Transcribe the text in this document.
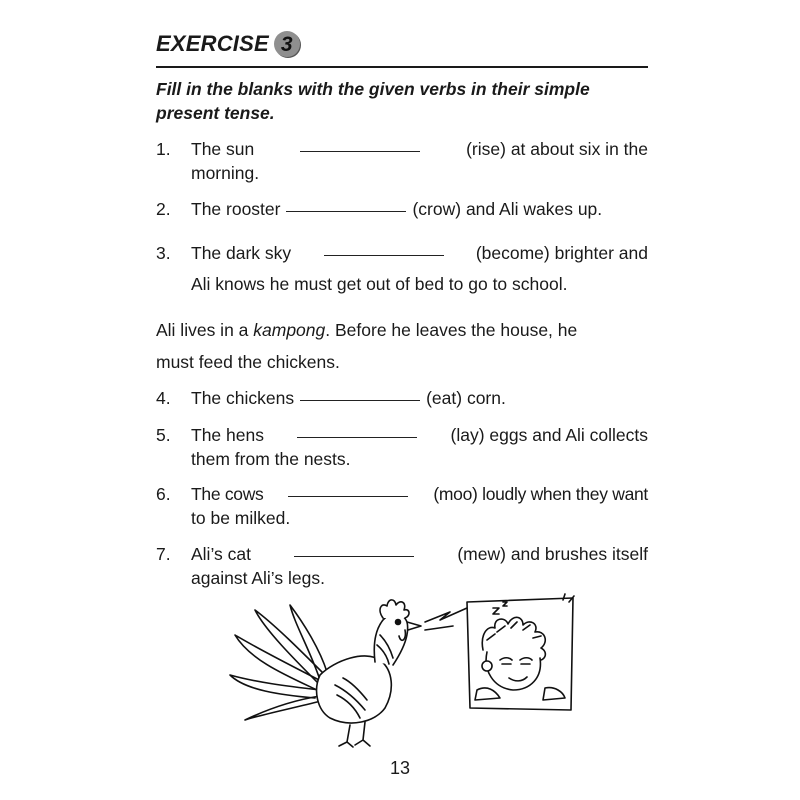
EXERCISE 3
Fill in the blanks with the given verbs in their simple present tense.
1. The sun	(rise) at about six in the
morning.
2. The rooster	(crow) and Ali wakes up.
3. The dark sky	(become) brighter and
Ali knows he must get out of bed to go to school.
Ali lives in a kampong. Before he leaves the house, he
must feed the chickens.
4. The chickens	(eat) corn.
5. The hens	(lay) eggs and Ali collects
them from the nests.
6. The cows	(moo) loudly when they want
to be milked.
7. Ali’s cat	(mew) and brushes itself
against Ali’s legs.
13
